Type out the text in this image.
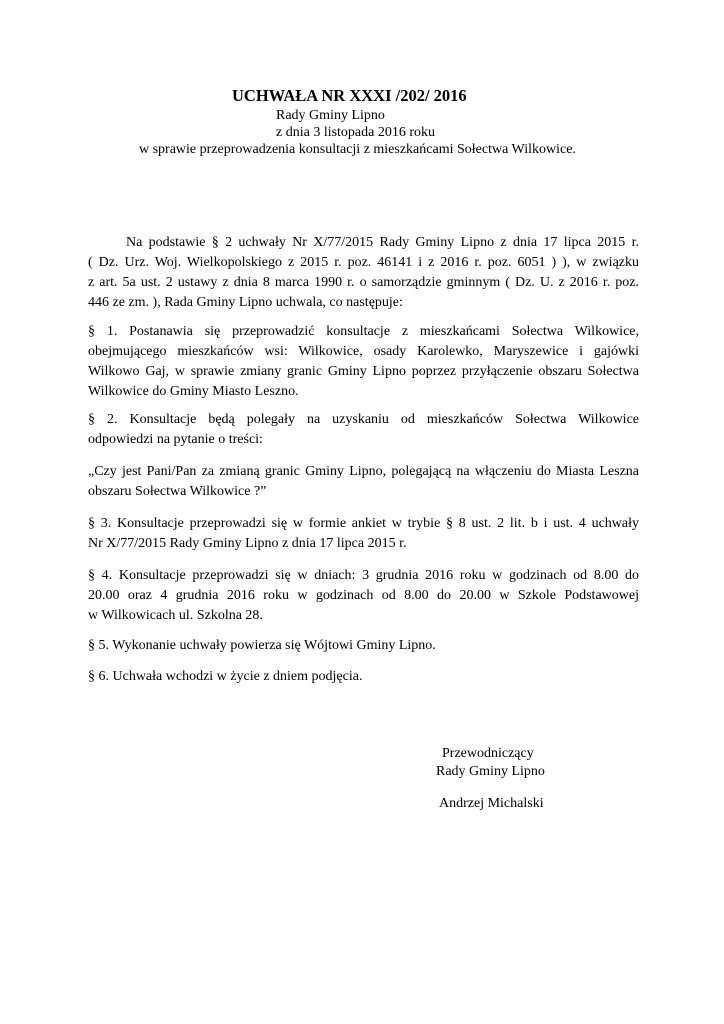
UCHWAŁA NR XXXI /202/ 2016
Rady Gminy Lipno
z dnia 3 listopada 2016 roku
w sprawie przeprowadzenia konsultacji z mieszkańcami Sołectwa Wilkowice.
Na podstawie § 2 uchwały Nr X/77/2015 Rady Gminy Lipno z dnia 17 lipca 2015 r.
( Dz. Urz. Woj. Wielkopolskiego z 2015 r. poz. 46141 i z 2016 r. poz. 6051 ) ), w związku
z art. 5a ust. 2 ustawy z dnia 8 marca 1990 r. o samorządzie gminnym ( Dz. U. z 2016 r. poz.
446 ze zm. ), Rada Gminy Lipno uchwala, co następuje:
§ 1. Postanawia się przeprowadzić konsultacje z mieszkańcami Sołectwa Wilkowice,
obejmującego mieszkańców wsi: Wilkowice, osady Karolewko, Maryszewice i gajówki
Wilkowo Gaj, w sprawie zmiany granic Gminy Lipno poprzez przyłączenie obszaru Sołectwa
Wilkowice do Gminy Miasto Leszno.
§ 2. Konsultacje będą polegały na uzyskaniu od mieszkańców Sołectwa Wilkowice
odpowiedzi na pytanie o treści:
„Czy jest Pani/Pan za zmianą granic Gminy Lipno, polegającą na włączeniu do Miasta Leszna
obszaru Sołectwa Wilkowice ?”
§ 3. Konsultacje przeprowadzi się w formie ankiet w trybie § 8 ust. 2 lit. b i ust. 4 uchwały
Nr X/77/2015 Rady Gminy Lipno z dnia 17 lipca 2015 r.
§ 4. Konsultacje przeprowadzi się w dniach: 3 grudnia 2016 roku w godzinach od 8.00 do
20.00 oraz 4 grudnia 2016 roku w godzinach od 8.00 do 20.00 w Szkole Podstawowej
w Wilkowicach ul. Szkolna 28.
§ 5. Wykonanie uchwały powierza się Wójtowi Gminy Lipno.
§ 6. Uchwała wchodzi w życie z dniem podjęcia.
Przewodniczący
Rady Gminy Lipno
Andrzej Michalski
